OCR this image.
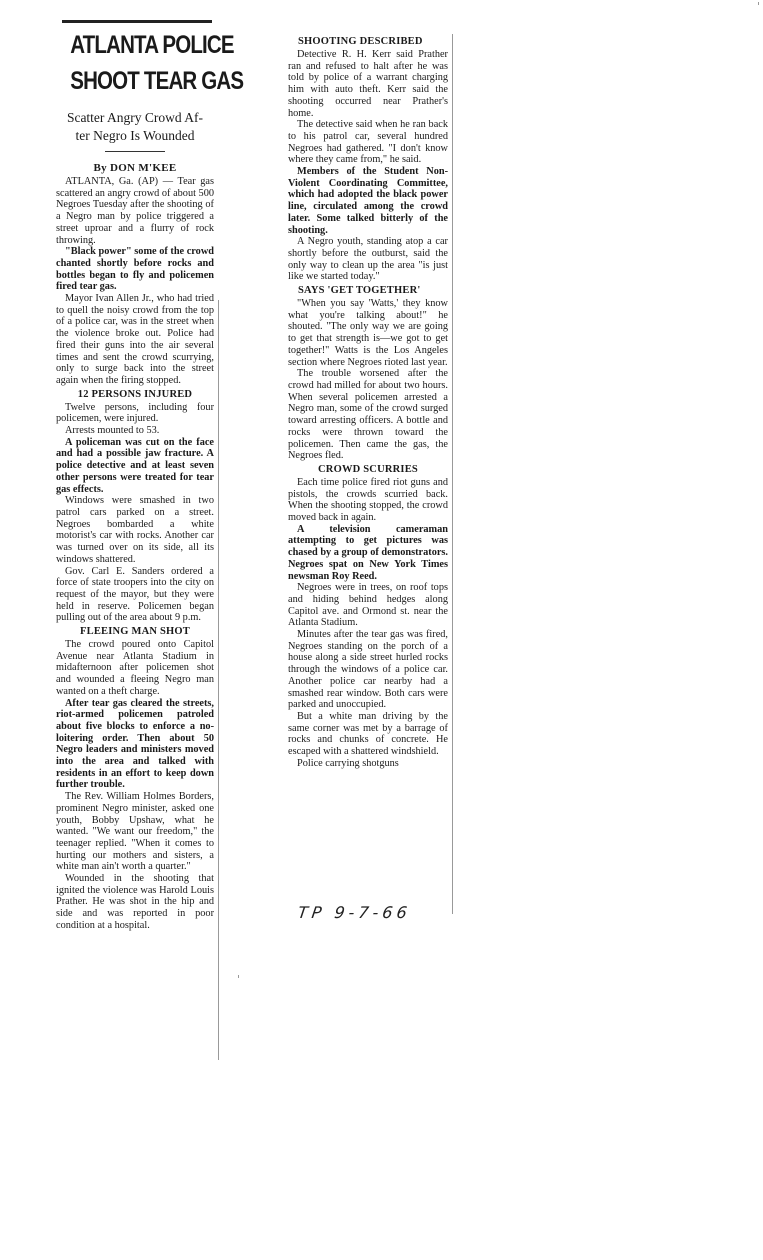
ATLANTA POLICE
SHOOT TEAR GAS
Scatter Angry Crowd Af-
ter Negro Is Wounded
By DON M'KEE
ATLANTA, Ga. (AP) — Tear gas scattered an angry crowd of about 500 Negroes Tuesday after the shooting of a Negro man by police triggered a street uproar and a flurry of rock throwing.
"Black power" some of the crowd chanted shortly before rocks and bottles began to fly and policemen fired tear gas.
Mayor Ivan Allen Jr., who had tried to quell the noisy crowd from the top of a police car, was in the street when the violence broke out. Police had fired their guns into the air several times and sent the crowd scurrying, only to surge back into the street again when the firing stopped.
12 PERSONS INJURED
Twelve persons, including four policemen, were injured.
Arrests mounted to 53.
A policeman was cut on the face and had a possible jaw fracture. A police detective and at least seven other persons were treated for tear gas effects.
Windows were smashed in two patrol cars parked on a street. Negroes bombarded a white motorist's car with rocks. Another car was turned over on its side, all its windows shattered.
Gov. Carl E. Sanders ordered a force of state troopers into the city on request of the mayor, but they were held in reserve. Policemen began pulling out of the area about 9 p.m.
FLEEING MAN SHOT
The crowd poured onto Capitol Avenue near Atlanta Stadium in midafternoon after policemen shot and wounded a fleeing Negro man wanted on a theft charge.
After tear gas cleared the streets, riot-armed policemen patroled about five blocks to enforce a no-loitering order. Then about 50 Negro leaders and ministers moved into the area and talked with residents in an effort to keep down further trouble.
The Rev. William Holmes Borders, prominent Negro minister, asked one youth, Bobby Upshaw, what he wanted. "We want our freedom," the teenager replied. "When it comes to hurting our mothers and sisters, a white man ain't worth a quarter."
Wounded in the shooting that ignited the violence was Harold Louis Prather. He was shot in the hip and side and was reported in poor condition at a hospital.
SHOOTING DESCRIBED
Detective R. H. Kerr said Prather ran and refused to halt after he was told by police of a warrant charging him with auto theft. Kerr said the shooting occurred near Prather's home.
The detective said when he ran back to his patrol car, several hundred Negroes had gathered. "I don't know where they came from," he said.
Members of the Student Non-Violent Coordinating Committee, which had adopted the black power line, circulated among the crowd later. Some talked bitterly of the shooting.
A Negro youth, standing atop a car shortly before the outburst, said the only way to clean up the area "is just like we started today."
SAYS 'GET TOGETHER'
"When you say 'Watts,' they know what you're talking about!" he shouted. "The only way we are going to get that strength is—we got to get together!" Watts is the Los Angeles section where Negroes rioted last year.
The trouble worsened after the crowd had milled for about two hours. When several policemen arrested a Negro man, some of the crowd surged toward arresting officers. A bottle and rocks were thrown toward the policemen. Then came the gas, the Negroes fled.
CROWD SCURRIES
Each time police fired riot guns and pistols, the crowds scurried back. When the shooting stopped, the crowd moved back in again.
A television cameraman attempting to get pictures was chased by a group of demonstrators. Negroes spat on New York Times newsman Roy Reed.
Negroes were in trees, on roof tops and hiding behind hedges along Capitol ave. and Ormond st. near the Atlanta Stadium.
Minutes after the tear gas was fired, Negroes standing on the porch of a house along a side street hurled rocks through the windows of a police car. Another police car nearby had a smashed rear window. Both cars were parked and unoccupied.
But a white man driving by the same corner was met by a barrage of rocks and chunks of concrete. He escaped with a shattered windshield.
Police carrying shotguns
TP 9-7-66
